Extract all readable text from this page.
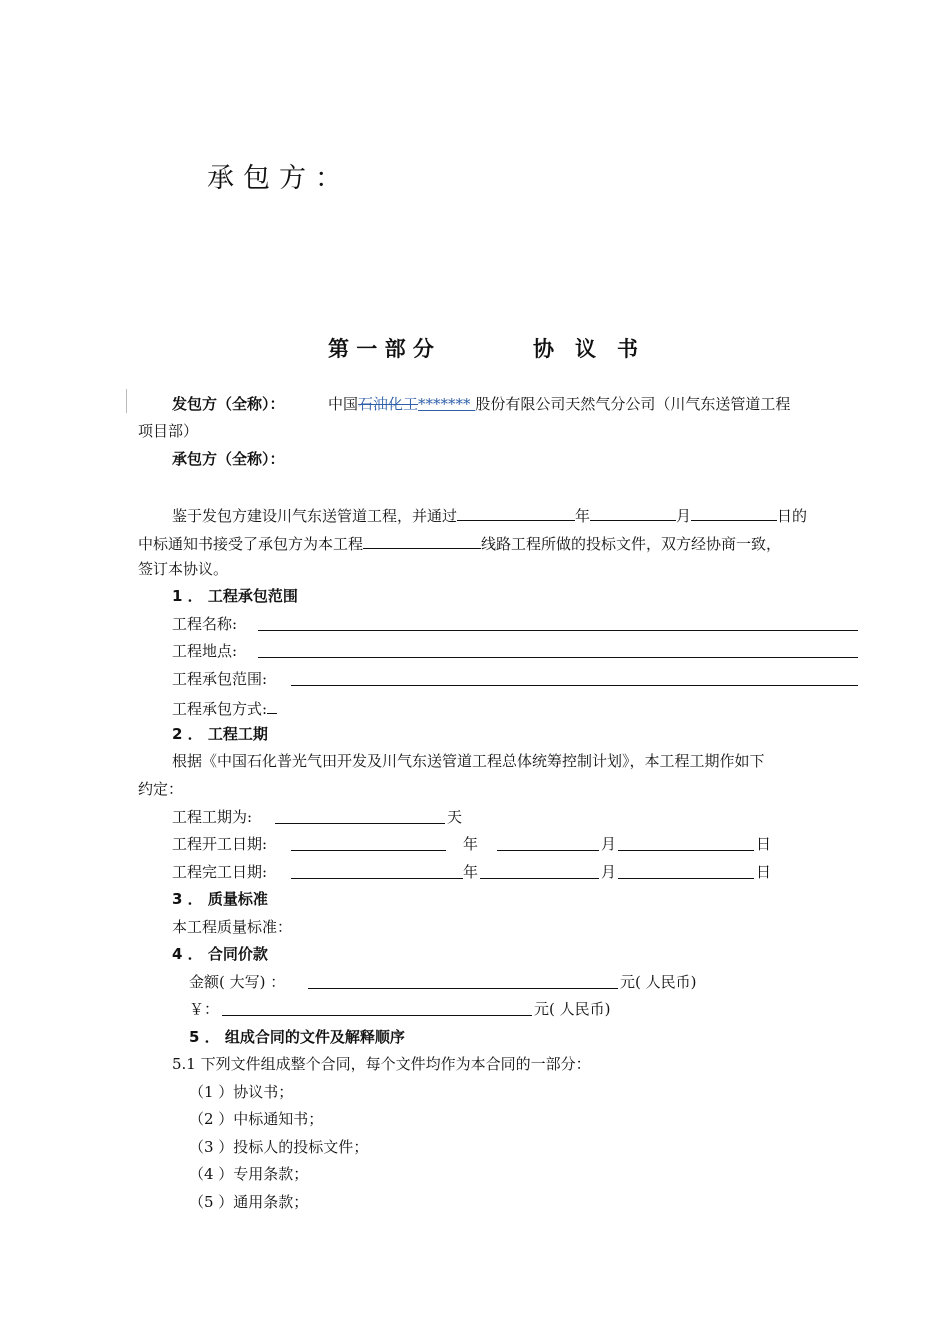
承包方：
第 一 部 分	协　议　书
发包方（全称）：	中国石油化工******* 股份有限公司天然气分公司（川气东送管道工程
项目部）
承包方（全称）：
鉴于发包方建设川气东送管道工程，并通过	年	月	日的
中标通知书接受了承包方为本工程	线路工程所做的投标文件，双方经协商一致，
签订本协议。
1 ． 工程承包范围
工程名称:
工程地点:
工程承包范围:
工程承包方式:
2 ． 工程工期
根据《中国石化普光气田开发及川气东送管道工程总体统筹控制计划》，本工程工期作如下
约定：
工程工期为:	天
工程开工日期:	年	月	日
工程完工日期:	年	月	日
3 ． 质量标准
本工程质量标准：
4 ． 合同价款
金额( 大写) ：	元( 人民币)
￥：	元( 人民币)
5 ． 组成合同的文件及解释顺序
5.1 下列文件组成整个合同，每个文件均作为本合同的一部分：
（1 ）协议书；
（2 ）中标通知书；
（3 ）投标人的投标文件；
（4 ）专用条款；
（5 ）通用条款；
